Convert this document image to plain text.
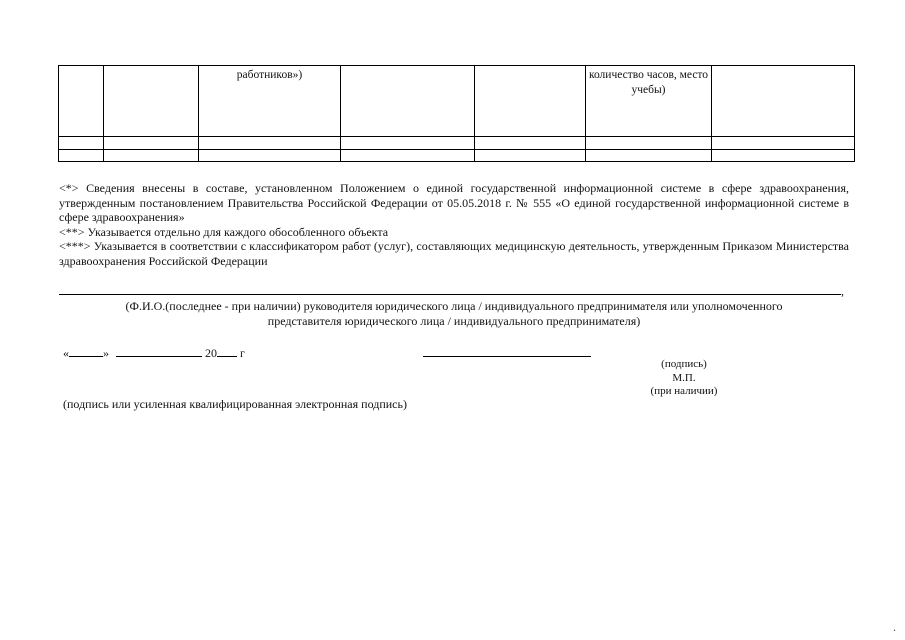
		работников»)			количество часов, место учебы)	

<*> Сведения внесены в составе, установленном Положением о единой государственной информационной системе в сфере здравоохранения, утвержденным постановлением Правительства Российской Федерации от 05.05.2018 г. № 555 «О единой государственной информационной системе в сфере здравоохранения»

<**> Указывается отдельно для каждого обособленного объекта

<***> Указывается в соответствии с классификатором работ (услуг), составляющих медицинскую деятельность, утвержденным Приказом Министерства здравоохранения Российской Федерации

,

(Ф.И.О.(последнее - при наличии) руководителя юридического лица / индивидуального предпринимателя или уполномоченного

представителя юридического лица / индивидуального предпринимателя)

«	»	20 г
(подпись)
М.П.
(при наличии)
(подпись или усиленная квалифицированная электронная подпись)
.
